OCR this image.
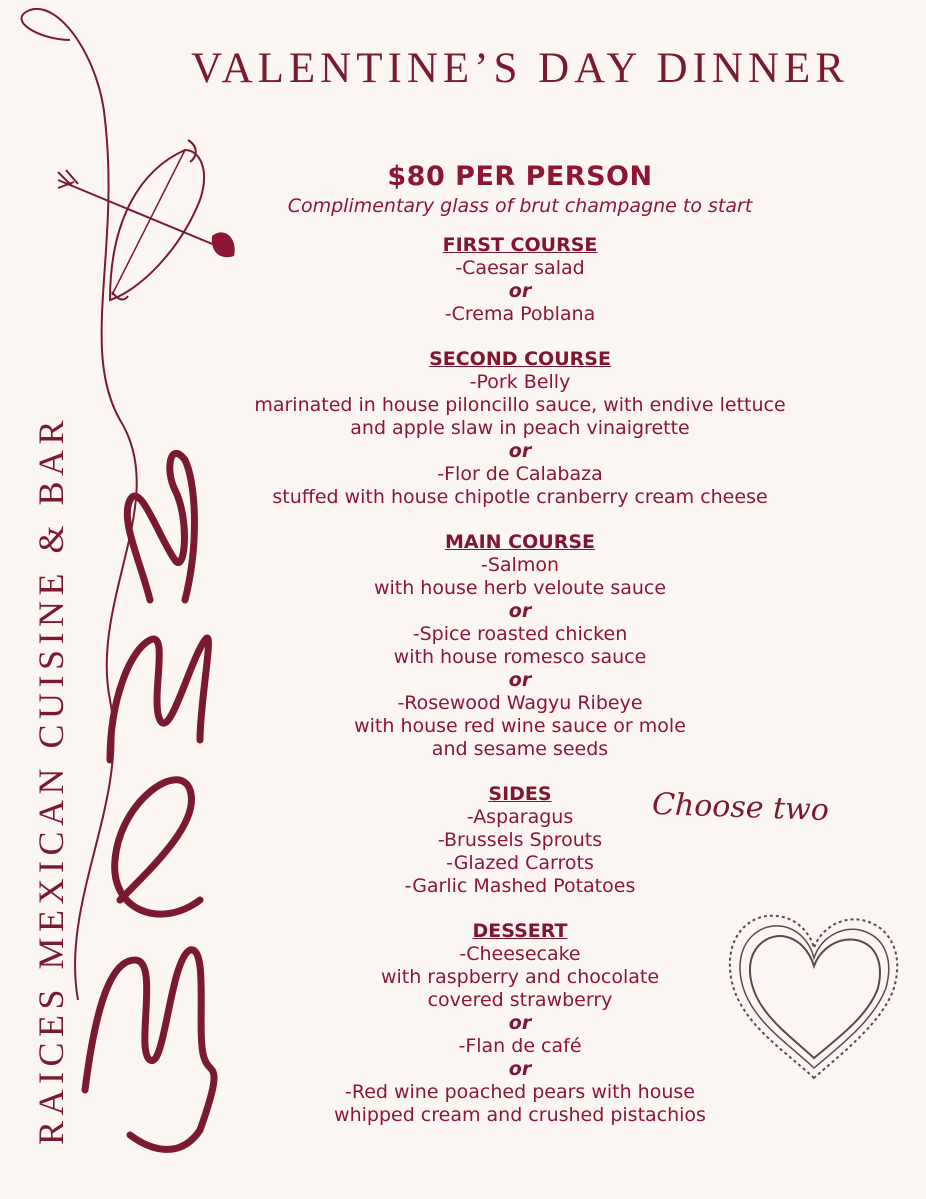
VALENTINE’S DAY DINNER
RAICES MEXICAN CUISINE & BAR
$80 PER PERSON
Complimentary glass of brut champagne to start
FIRST COURSE
-Caesar salad
or
-Crema Poblana
SECOND COURSE
-Pork Belly
marinated in house piloncillo sauce, with endive lettuce
and apple slaw in peach vinaigrette
or
-Flor de Calabaza
stuffed with house chipotle cranberry cream cheese
MAIN COURSE
-Salmon
with house herb veloute sauce
or
-Spice roasted chicken
with house romesco sauce
or
-Rosewood Wagyu Ribeye
with house red wine sauce or mole
and sesame seeds
SIDES
-Asparagus
-Brussels Sprouts
-Glazed Carrots
-Garlic Mashed Potatoes
DESSERT
-Cheesecake
with raspberry and chocolate
covered strawberry
or
-Flan de café
or
-Red wine poached pears with house
whipped cream and crushed pistachios
Choose two
